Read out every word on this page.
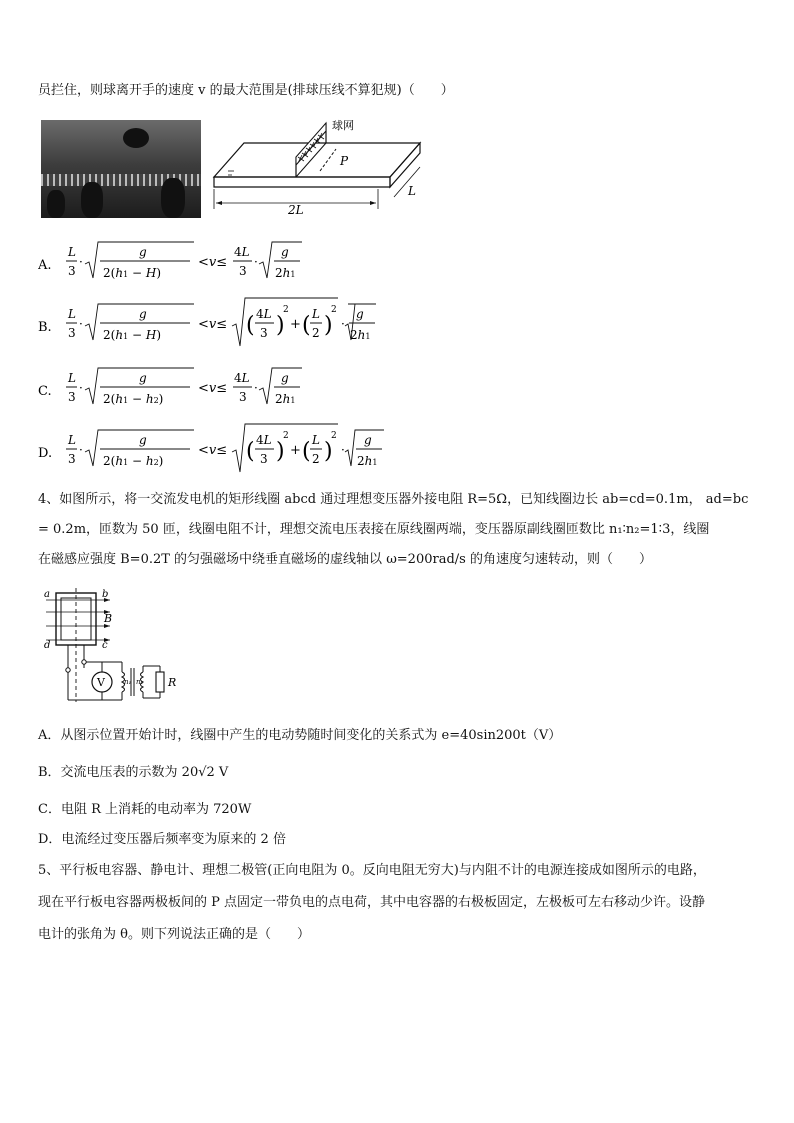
员拦住，则球离开手的速度 v 的最大范围是(排球压线不算犯规)（　　）
P
球网
2L
L
A.
L
3
·
g
2(h1 − H)
<v≤
4L
3
·
g
2h1
B.
L
3
·
g
2(h1 − H)
<v≤ ( 4L
3 )
2
+ ( L
2 )
2
·
g
2h1
C.
L
3
·
g
2(h1 − h2)
<v≤
4L
3
·
g
2h1
D.
L
3
·
g
2(h1 − h2)
<v≤ ( 4L
3 )
2
+ ( L
2 )
2
·
g
2h1
4、如图所示，将一交流发电机的矩形线圈 abcd 通过理想变压器外接电阻 R=5Ω，已知线圈边长 ab=cd=0.1m， ad=bc
= 0.2m，匝数为 50 匝，线圈电阻不计，理想交流电压表接在原线圈两端，变压器原副线圈匝数比 n₁∶n₂=1∶3，线圈
在磁感应强度 B=0.2T 的匀强磁场中绕垂直磁场的虚线轴以 ω=200rad/s 的角速度匀速转动，则（　　）
a	b
d	c
B
V	n₁ n₂ R
A．从图示位置开始计时，线圈中产生的电动势随时间变化的关系式为 e=40sin200t（V）
B．交流电压表的示数为 20√2 V
C．电阻 R 上消耗的电动率为 720W
D．电流经过变压器后频率变为原来的 2 倍
5、平行板电容器、静电计、理想二极管(正向电阻为 0。反向电阻无穷大)与内阻不计的电源连接成如图所示的电路，
现在平行板电容器两极板间的 P 点固定一带负电的点电荷，其中电容器的右极板固定，左极板可左右移动少许。设静
电计的张角为 θ。则下列说法正确的是（　　）
